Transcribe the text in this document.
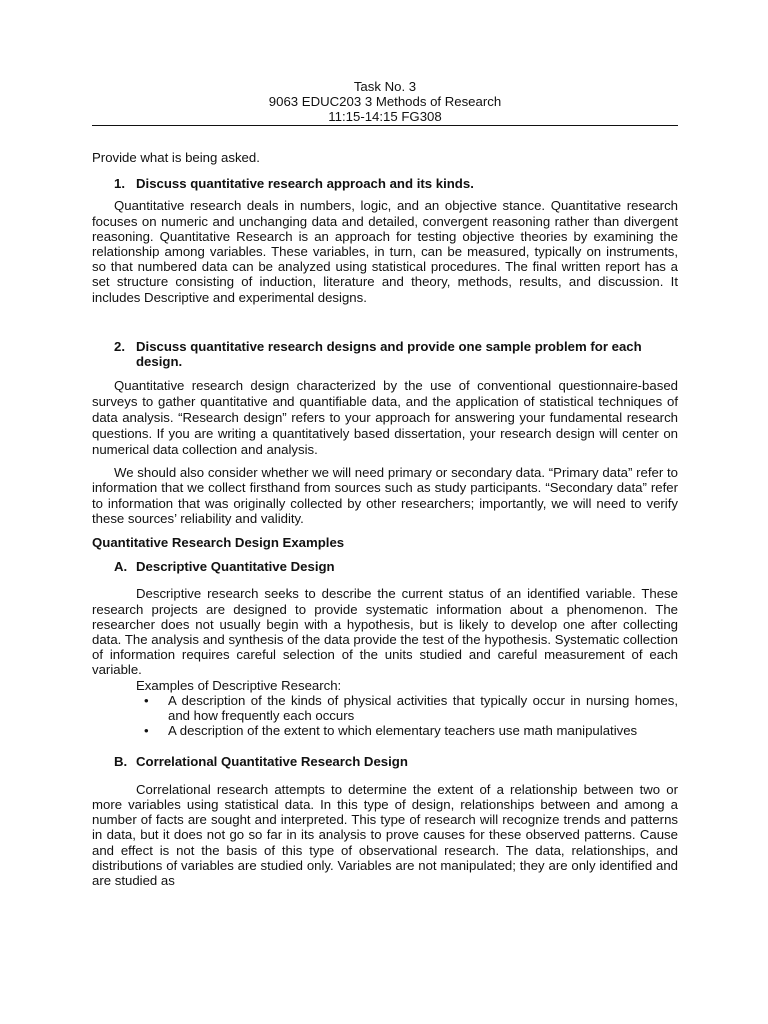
Task No. 3
9063 EDUC203 3 Methods of Research
11:15-14:15 FG308

Provide what is being asked.

1. Discuss quantitative research approach and its kinds.

Quantitative research deals in numbers, logic, and an objective stance. Quantitative research focuses on numeric and unchanging data and detailed, convergent reasoning rather than divergent reasoning. Quantitative Research is an approach for testing objective theories by examining the relationship among variables. These variables, in turn, can be measured, typically on instruments, so that numbered data can be analyzed using statistical procedures. The final written report has a set structure consisting of induction, literature and theory, methods, results, and discussion. It includes Descriptive and experimental designs.

2. Discuss quantitative research designs and provide one sample problem for each design.

Quantitative research design characterized by the use of conventional questionnaire-based surveys to gather quantitative and quantifiable data, and the application of statistical techniques of data analysis. “Research design” refers to your approach for answering your fundamental research questions. If you are writing a quantitatively based dissertation, your research design will center on numerical data collection and analysis.

We should also consider whether we will need primary or secondary data. “Primary data” refer to information that we collect firsthand from sources such as study participants. “Secondary data” refer to information that was originally collected by other researchers; importantly, we will need to verify these sources’ reliability and validity.

Quantitative Research Design Examples
A. Descriptive Quantitative Design

Descriptive research seeks to describe the current status of an identified variable. These research projects are designed to provide systematic information about a phenomenon. The researcher does not usually begin with a hypothesis, but is likely to develop one after collecting data. The analysis and synthesis of the data provide the test of the hypothesis. Systematic collection of information requires careful selection of the units studied and careful measurement of each variable.

Examples of Descriptive Research:
•	A description of the kinds of physical activities that typically occur in nursing homes, and how frequently each occurs
•	A description of the extent to which elementary teachers use math manipulatives
B. Correlational Quantitative Research Design

Correlational research attempts to determine the extent of a relationship between two or more variables using statistical data. In this type of design, relationships between and among a number of facts are sought and interpreted. This type of research will recognize trends and patterns in data, but it does not go so far in its analysis to prove causes for these observed patterns. Cause and effect is not the basis of this type of observational research. The data, relationships, and distributions of variables are studied only. Variables are not manipulated; they are only identified and are studied as
